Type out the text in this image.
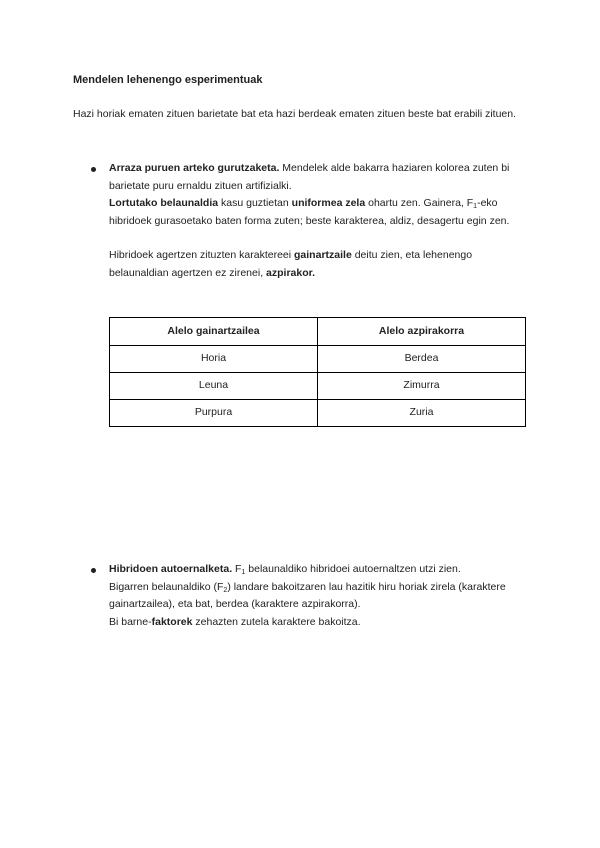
Mendelen lehenengo esperimentuak
Hazi horiak ematen zituen barietate bat eta hazi berdeak ematen zituen beste bat erabili zituen.
Arraza puruen arteko gurutzaketa. Mendelek alde bakarra haziaren kolorea zuten bi barietate puru ernaldu zituen artifizialki.
Lortutako belaunaldia kasu guztietan uniformea zela ohartu zen. Gainera, $F_1$-eko hibridoek gurasoetako baten forma zuten; beste karakterea, aldiz, desagertu egin zen.
Hibridoek agertzen zituzten karaktereei gainartzaile deitu zien, eta lehenengo belaunaldian agertzen ez zirenei, azpirakor.
Alelo gainartzailea	Alelo azpirakorra
Horia	Berdea
Leuna	Zimurra
Purpura	Zuria
Hibridoen autoernalketa. $F_1$ belaunaldiko hibridoei autoernaltzen utzi zien.
Bigarren belaunaldiko $(F_2)$ landare bakoitzaren lau hazitik hiru horiak zirela (karaktere gainartzailea), eta bat, berdea (karaktere azpirakorra).
Bi barne-faktorek zehazten zutela karaktere bakoitza.
